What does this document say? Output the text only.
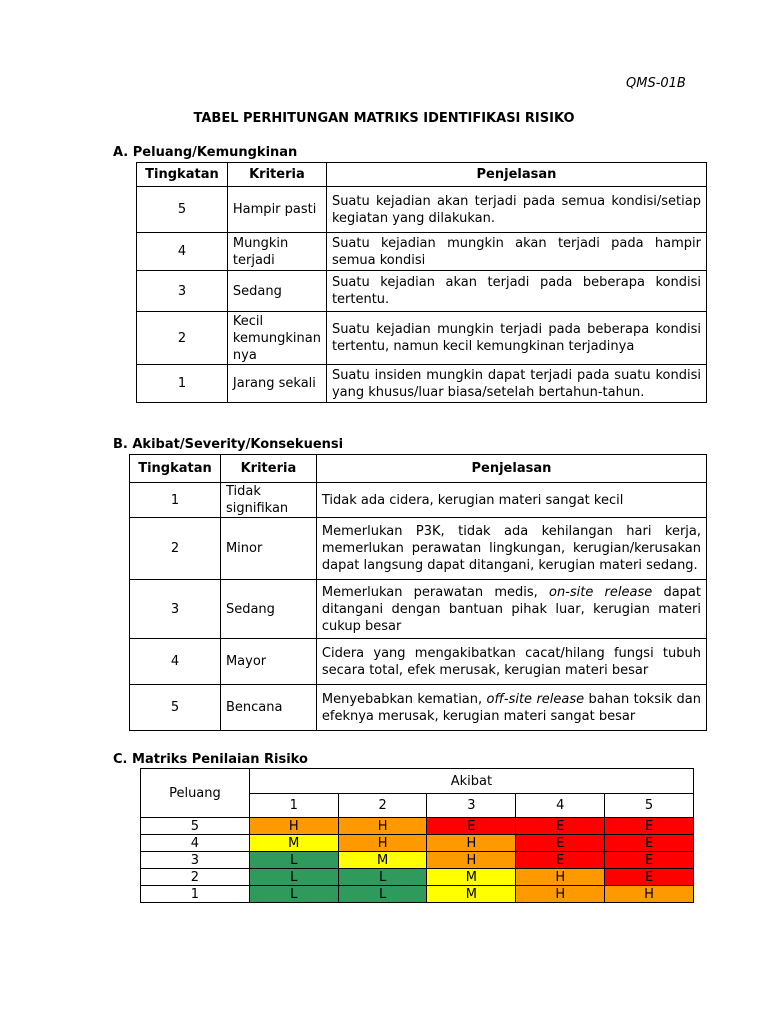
QMS-01B
TABEL PERHITUNGAN MATRIKS IDENTIFIKASI RISIKO
A. Peluang/Kemungkinan
Tingkatan	Kriteria	Penjelasan
5	Hampir pasti	Suatu kejadian akan terjadi pada semua kondisi/setiap kegiatan yang dilakukan.
4	Mungkin terjadi	Suatu kejadian mungkin akan terjadi pada hampir semua kondisi
3	Sedang	Suatu kejadian akan terjadi pada beberapa kondisi tertentu.
2	Kecil kemungkinan nya	Suatu kejadian mungkin terjadi pada beberapa kondisi tertentu, namun kecil kemungkinan terjadinya
1	Jarang sekali	Suatu insiden mungkin dapat terjadi pada suatu kondisi yang khusus/luar biasa/setelah bertahun-tahun.
B. Akibat/Severity/Konsekuensi
Tingkatan	Kriteria	Penjelasan
1	Tidak signifikan	Tidak ada cidera, kerugian materi sangat kecil
2	Minor	Memerlukan P3K, tidak ada kehilangan hari kerja, memerlukan perawatan lingkungan, kerugian/kerusakan dapat langsung dapat ditangani, kerugian materi sedang.
3	Sedang	Memerlukan perawatan medis, on-site release dapat ditangani dengan bantuan pihak luar, kerugian materi cukup besar
4	Mayor	Cidera yang mengakibatkan cacat/hilang fungsi tubuh secara total, efek merusak, kerugian materi besar
5	Bencana	Menyebabkan kematian, off-site release bahan toksik dan efeknya merusak, kerugian materi sangat besar
C. Matriks Penilaian Risiko
Peluang	Akibat				
	1	2	3	4	5
5	H	H	E	E	E
4	M	H	H	E	E
3	L	M	H	E	E
2	L	L	M	H	E
1	L	L	M	H	H
